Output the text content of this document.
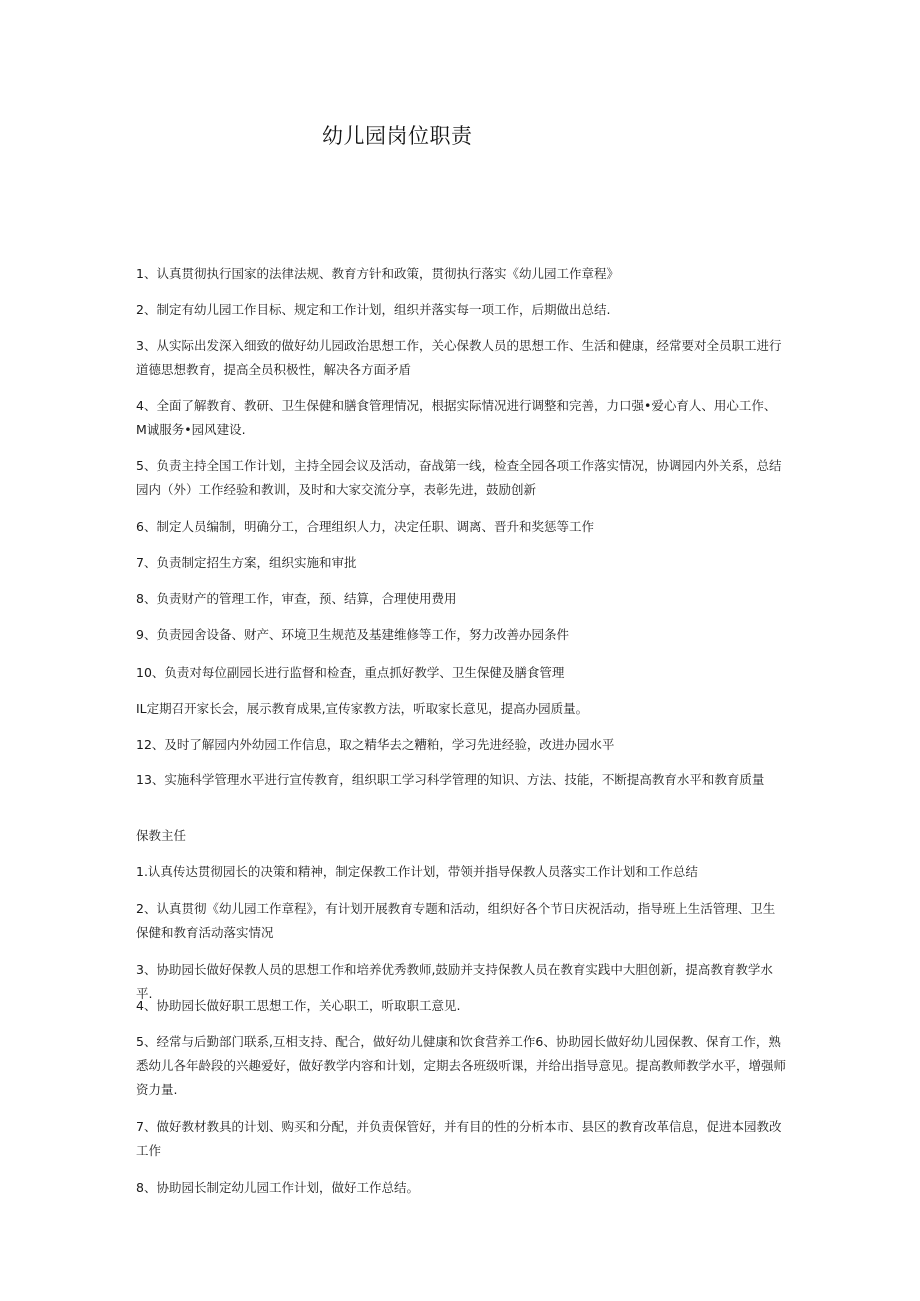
幼儿园岗位职责

1、认真贯彻执行国家的法律法规、教育方针和政策，贯彻执行落实《幼儿园工作章程》

2、制定有幼儿园工作目标、规定和工作计划，组织并落实每一项工作，后期做出总结.

3、从实际出发深入细致的做好幼儿园政治思想工作，关心保教人员的思想工作、生活和健康，经常要对全员职工进行道德思想教育，提高全员积极性，解决各方面矛盾

4、全面了解教育、教研、卫生保健和膳食管理情况，根据实际情况进行调整和完善，力口强•爱心育人、用心工作、M诚服务•园风建设.

5、负责主持全国工作计划，主持全园会议及活动，奋战第一线，检查全园各项工作落实情况，协调园内外关系，总结园内（外）工作经验和教训，及时和大家交流分享，表彰先进，鼓励创新

6、制定人员编制，明确分工，合理组织人力，决定任职、调离、晋升和奖惩等工作

7、负责制定招生方案，组织实施和审批

8、负责财产的管理工作，审查，预、结算，合理使用费用

9、负责园舍设备、财产、环境卫生规范及基建维修等工作，努力改善办园条件

10、负责对每位副园长进行监督和检査，重点抓好教学、卫生保健及膳食管理

IL定期召开家长会，展示教育成果,宣传家教方法，听取家长意见，提高办园质量。

12、及时了解园内外幼园工作信息，取之精华去之糟粕，学习先进经验，改进办园水平

13、实施科学管理水平进行宣传教育，组织职工学习科学管理的知识、方法、技能，不断提高教育水平和教育质量

保教主任

1.认真传达贯彻园长的决策和精神，制定保教工作计划，带领并指导保教人员落实工作计划和工作总结

2、认真贯彻《幼儿园工作章程》，有计划开展教育专题和活动，组织好各个节日庆祝活动，指导班上生活管理、卫生保健和教育活动落实情况

3、协助园长做好保教人员的思想工作和培养优秀教师,鼓励并支持保教人员在教育实践中大胆创新，提高教育教学水平.

4、协助园长做好职工思想工作，关心职工，听取职工意见.

5、经常与后勤部门联系,互相支持、配合，做好幼儿健康和饮食营养工作6、协助园长做好幼儿园保教、保育工作，熟悉幼儿各年龄段的兴趣爱好，做好教学内容和计划，定期去各班级听课，并给出指导意见。提高教师教学水平，增强师资力量.

7、做好教材教具的计划、购买和分配，并负责保管好，并有目的性的分析本市、县区的教育改革信息，促进本园教改工作

8、协助园长制定幼儿园工作计划，做好工作总结。
